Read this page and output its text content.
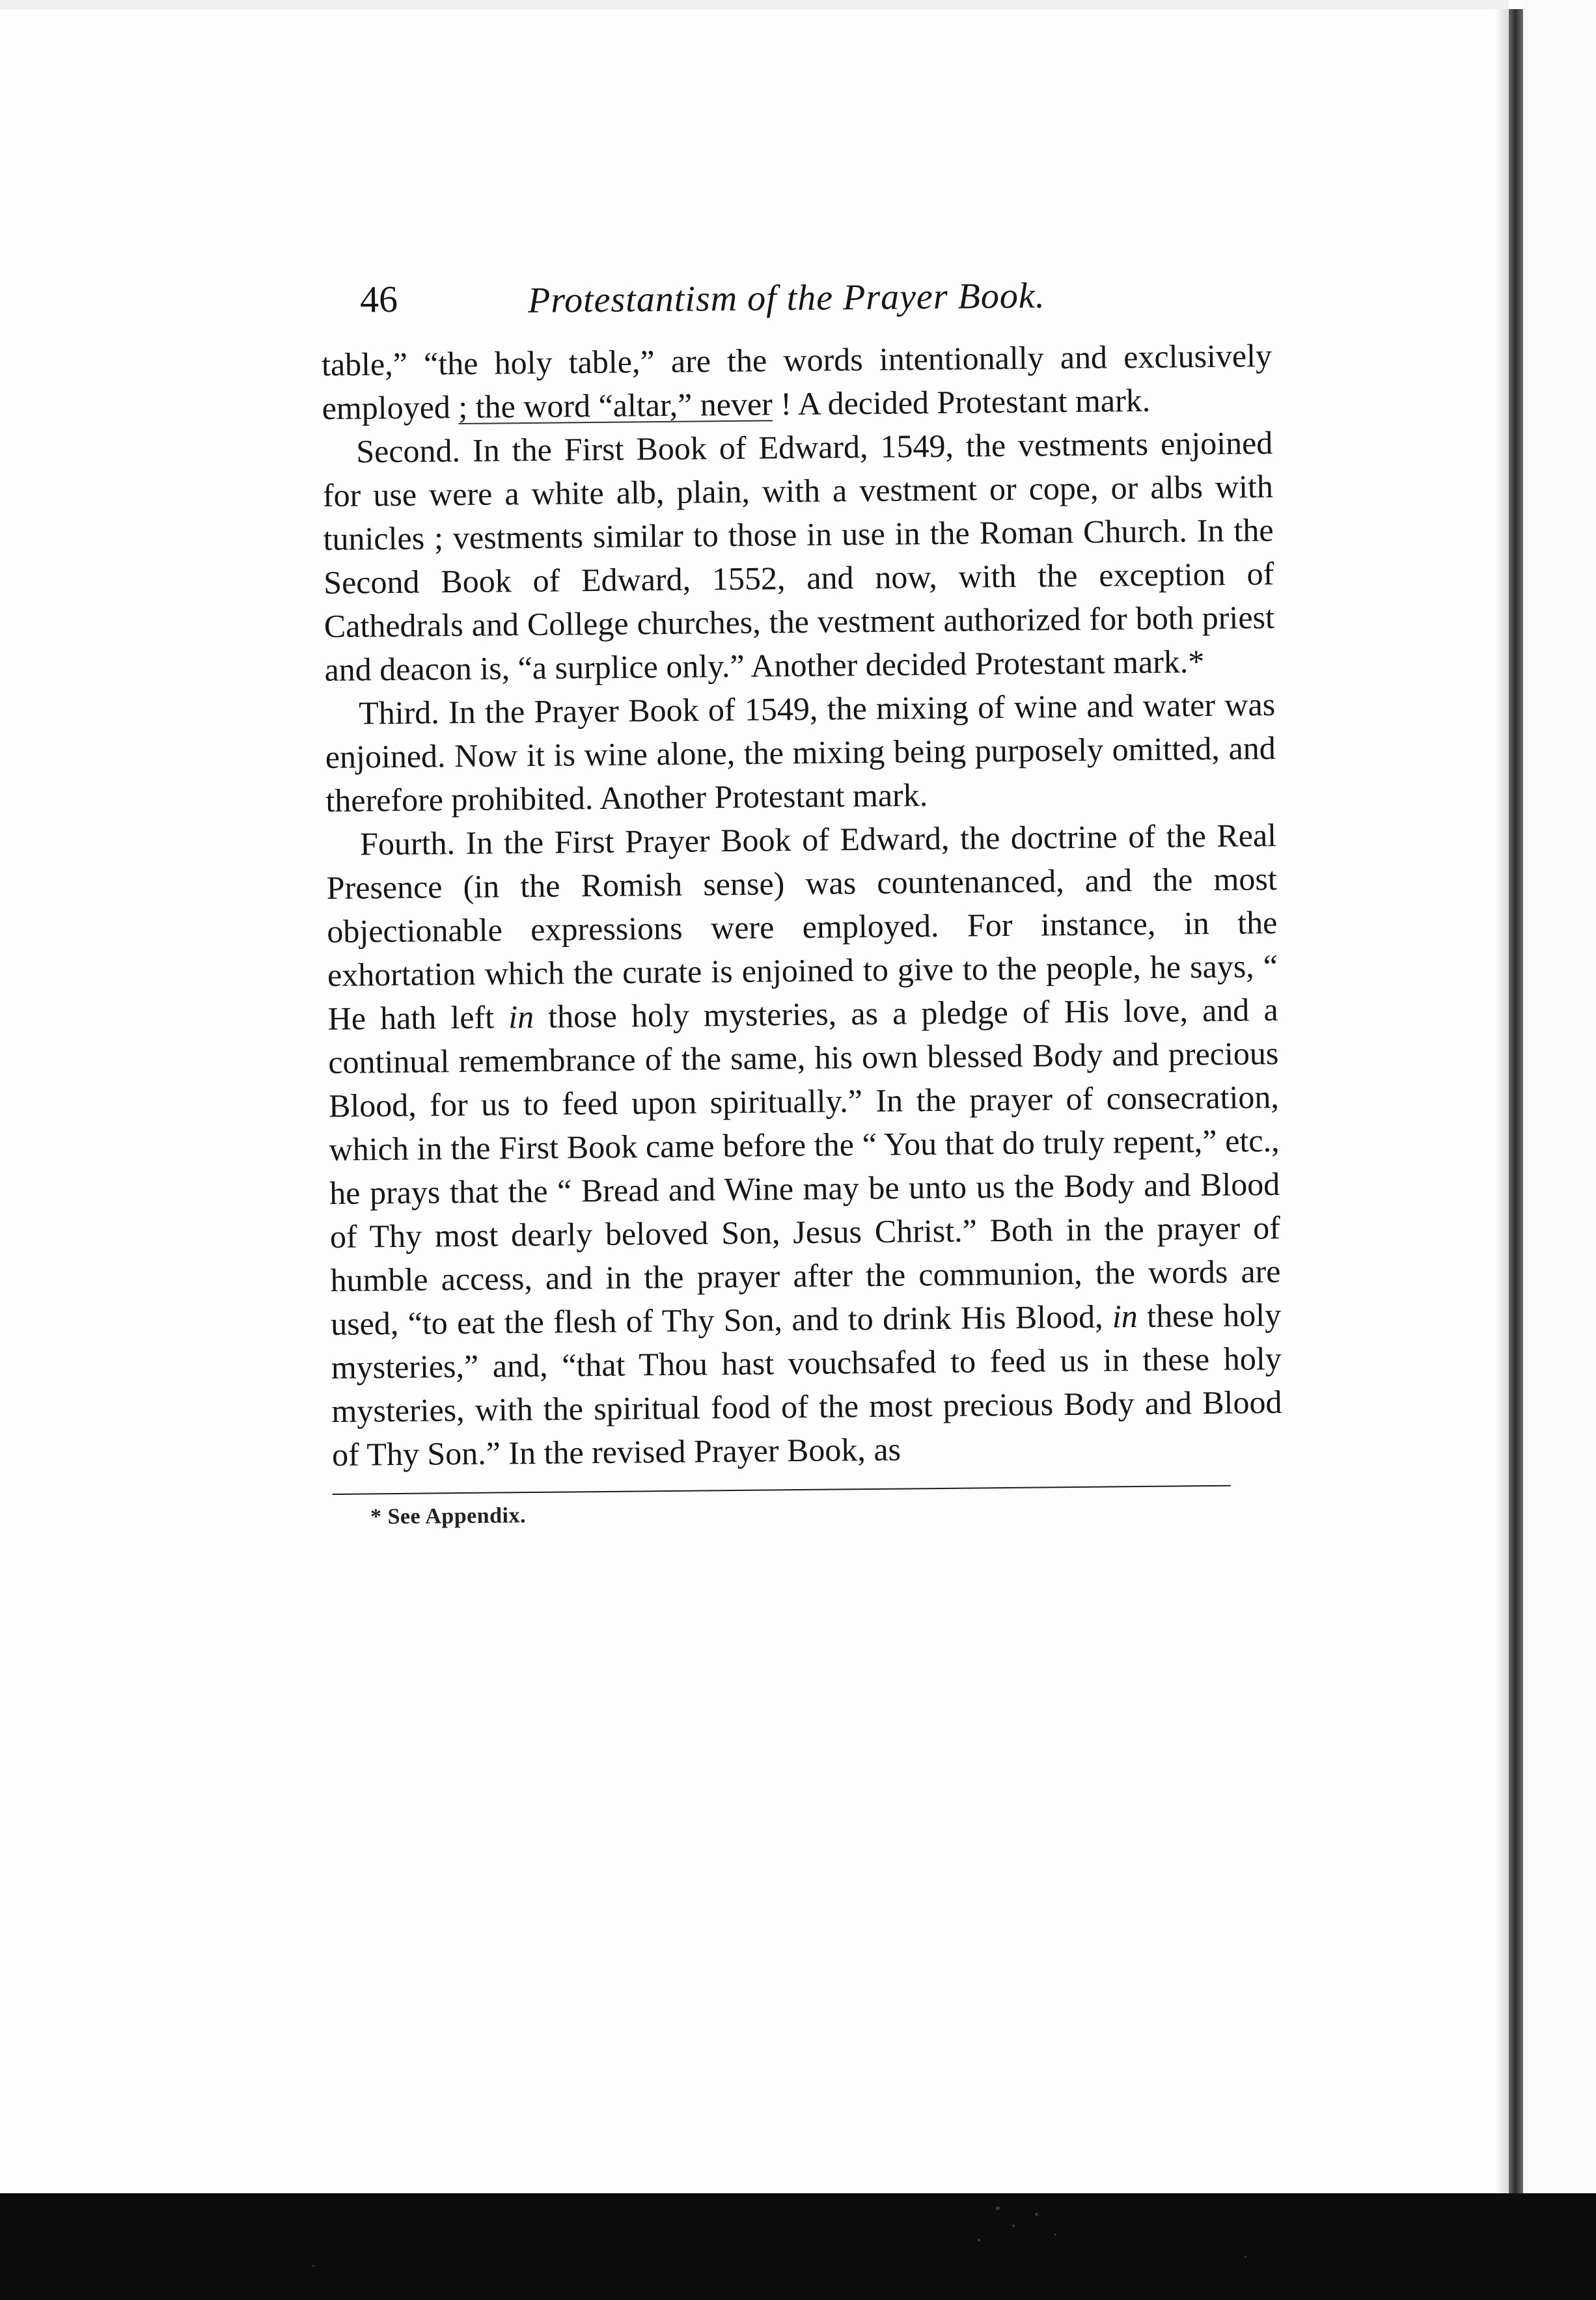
46	Protestantism of the Prayer Book.

table,” “the holy table,” are the words intentionally and exclusively employed ; the word “altar,” never ! A decided Protestant mark.

Second. In the First Book of Edward, 1549, the vestments enjoined for use were a white alb, plain, with a vestment or cope, or albs with tunicles ; vestments similar to those in use in the Roman Church. In the Second Book of Edward, 1552, and now, with the exception of Cathedrals and College churches, the vestment authorized for both priest and deacon is, “a surplice only.” Another decided Protestant mark.*

Third. In the Prayer Book of 1549, the mixing of wine and water was enjoined. Now it is wine alone, the mixing being purposely omitted, and therefore prohibited. Another Protestant mark.

Fourth. In the First Prayer Book of Edward, the doctrine of the Real Presence (in the Romish sense) was countenanced, and the most objectionable expressions were employed. For instance, in the exhortation which the curate is enjoined to give to the people, he says, “ He hath left in those holy mysteries, as a pledge of His love, and a continual remembrance of the same, his own blessed Body and precious Blood, for us to feed upon spiritually.” In the prayer of consecration, which in the First Book came before the “ You that do truly repent,” etc., he prays that the “ Bread and Wine may be unto us the Body and Blood of Thy most dearly beloved Son, Jesus Christ.” Both in the prayer of humble access, and in the prayer after the communion, the words are used, “to eat the flesh of Thy Son, and to drink His Blood, in these holy mysteries,” and, “that Thou hast vouchsafed to feed us in these holy mysteries, with the spiritual food of the most precious Body and Blood of Thy Son.” In the revised Prayer Book, as

* See Appendix.
